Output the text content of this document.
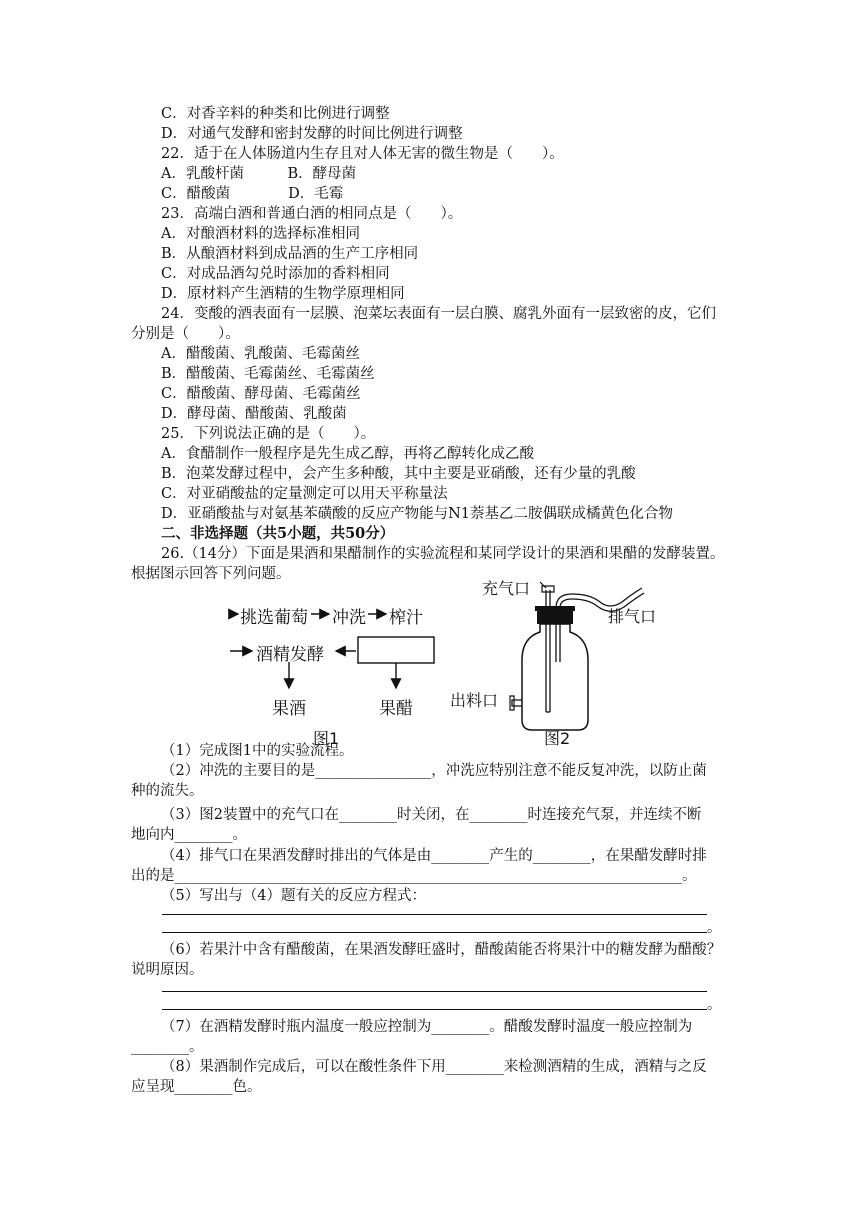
C．对香辛料的种类和比例进行调整
D．对通气发酵和密封发酵的时间比例进行调整
22．适于在人体肠道内生存且对人体无害的微生物是（　　）。
A．乳酸杆菌　　　B．酵母菌
C．醋酸菌　　　　D．毛霉
23．高端白酒和普通白酒的相同点是（　　）。
A．对酿酒材料的选择标准相同
B．从酿酒材料到成品酒的生产工序相同
C．对成品酒勾兑时添加的香料相同
D．原材料产生酒精的生物学原理相同
24．变酸的酒表面有一层膜、泡菜坛表面有一层白膜、腐乳外面有一层致密的皮，它们
分别是（　　）。
A．醋酸菌、乳酸菌、毛霉菌丝
B．醋酸菌、毛霉菌丝、毛霉菌丝
C．醋酸菌、酵母菌、毛霉菌丝
D．酵母菌、醋酸菌、乳酸菌
25．下列说法正确的是（　　）。
A．食醋制作一般程序是先生成乙醇，再将乙醇转化成乙酸
B．泡菜发酵过程中，会产生多种酸，其中主要是亚硝酸，还有少量的乳酸
C．对亚硝酸盐的定量测定可以用天平称量法
D．亚硝酸盐与对氨基苯磺酸的反应产物能与N1萘基乙二胺偶联成橘黄色化合物
二、非选择题（共5小题，共50分）
26.（14分）下面是果酒和果醋制作的实验流程和某同学设计的果酒和果醋的发酵装置。
根据图示回答下列问题。
挑选葡萄 冲洗 榨汁
酒精发酵
果酒	果醋
图1
充气口
排气口
出料口
图2
（1）完成图1中的实验流程。
（2）冲洗的主要目的是________________，冲洗应特别注意不能反复冲洗，以防止菌
种的流失。
（3）图2装置中的充气口在________时关闭，在________时连接充气泵，并连续不断
地向内________。
（4）排气口在果酒发酵时排出的气体是由________产生的________，在果醋发酵时排
出的是______________________________________________________________________。
（5）写出与（4）题有关的反应方程式：
。
（6）若果汁中含有醋酸菌，在果酒发酵旺盛时，醋酸菌能否将果汁中的糖发酵为醋酸？
说明原因。
。
（7）在酒精发酵时瓶内温度一般应控制为________。醋酸发酵时温度一般应控制为
________。
（8）果酒制作完成后，可以在酸性条件下用________来检测酒精的生成，酒精与之反
应呈现________色。
